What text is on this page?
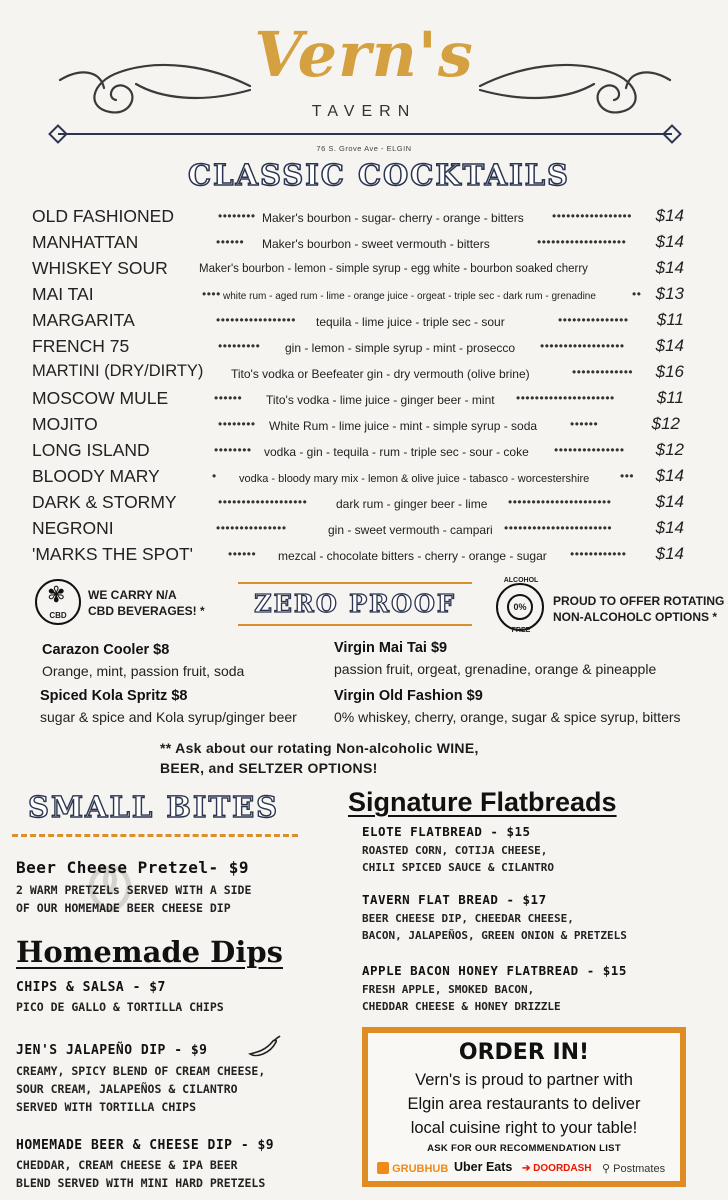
Vern's
TAVERN
76 S. Grove Ave - ELGIN
CLASSIC COCKTAILS
OLD FASHIONED	•••••••• Maker's bourbon - sugar- cherry - orange - bitters •••••••••••••••••	$14
MANHATTAN	••••••	Maker's bourbon - sweet vermouth - bitters	•••••••••••••••••••	$14
WHISKEY SOUR	Maker's bourbon - lemon - simple syrup - egg white - bourbon soaked cherry	$14
MAI TAI	•••• white rum - aged rum - lime - orange juice - orgeat - triple sec - dark rum - grenadine	•• $13
MARGARITA	•••••••••••••••••	tequila - lime juice - triple sec - sour	•••••••••••••••	$11
FRENCH 75	•••••••••	gin - lemon - simple syrup - mint - prosecco ••••••••••••••••••	$14
MARTINI (DRY/DIRTY) Tito's vodka or Beefeater gin - dry vermouth (olive brine)	•••••••••••••	$16
MOSCOW MULE	••••••	Tito's vodka - lime juice - ginger beer - mint •••••••••••••••••••••	$11
MOJITO	••••••••	White Rum - lime juice - mint - simple syrup - soda	••••••	$12
LONG ISLAND	••••••••	vodka - gin - tequila - rum - triple sec - sour - coke •••••••••••••••	$12
BLOODY MARY	• vodka - bloody mary mix - lemon & olive juice - tabasco - worcestershire	•••	$14
DARK & STORMY	•••••••••••••••••••	dark rum - ginger beer - lime ••••••••••••••••••••••	$14
NEGRONI	•••••••••••••••	gin - sweet vermouth - campari •••••••••••••••••••••••	$14
'MARKS THE SPOT'	••••••	mezcal - chocolate bitters - cherry - orange - sugar ••••••••••••	$14
CBD
✾ WE CARRY N/A
CBD BEVERAGES! *	ZERO PROOF
ALCOHOL
0%
FREE
PROUD TO OFFER ROTATING
NON-ALCOHOLC OPTIONS *
Carazon Cooler $8
Orange, mint, passion fruit, soda
Spiced Kola Spritz $8
sugar & spice and Kola syrup/ginger beer
Virgin Mai Tai $9
passion fruit, orgeat, grenadine, orange & pineapple
Virgin Old Fashion $9
0% whiskey, cherry, orange, sugar & spice syrup, bitters
** Ask about our rotating Non-alcoholic WINE,
BEER, and SELTZER OPTIONS!
SMALL BITES
Beer Cheese Pretzel- $9
2 WARM PRETZELs SERVED WITH A SIDE
OF OUR HOMEMADE BEER CHEESE DIP
Homemade Dips
CHIPS & SALSA - $7
PICO DE GALLO & TORTILLA CHIPS
JEN'S JALAPEÑO DIP - $9
CREAMY, SPICY BLEND OF CREAM CHEESE,
SOUR CREAM, JALAPEÑOS & CILANTRO
SERVED WITH TORTILLA CHIPS
HOMEMADE BEER & CHEESE DIP - $9
CHEDDAR, CREAM CHEESE & IPA BEER
BLEND SERVED WITH MINI HARD PRETZELS
Signature Flatbreads
ELOTE FLATBREAD - $15
ROASTED CORN, COTIJA CHEESE,
CHILI SPICED SAUCE & CILANTRO
TAVERN FLAT BREAD - $17
BEER CHEESE DIP, CHEEDAR CHEESE,
BACON, JALAPEÑOS, GREEN ONION & PRETZELS
APPLE BACON HONEY FLATBREAD - $15
FRESH APPLE, SMOKED BACON,
CHEDDAR CHEESE & HONEY DRIZZLE
ORDER IN!
Vern's is proud to partner with
Elgin area restaurants to deliver
local cuisine right to your table!
ASK FOR OUR RECOMMENDATION LIST
GRUBHUB Uber Eats ➔ DOORDASH ⚲ Postmates
